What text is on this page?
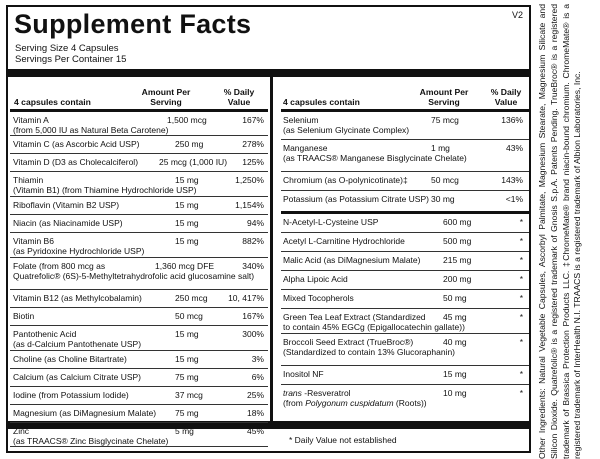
Supplement Facts	V2
Serving Size 4 Capsules
Servings Per Container 15
4 capsules contain
Amount Per
Serving
% Daily
Value
Vitamin A	1,500 mcg	167%
(from 5,000 IU as Natural Beta Carotene)
Vitamin C (as Ascorbic Acid USP)	250 mg	278%
Vitamin D (D3 as Cholecalciferol) 25 mcg (1,000 IU) 125%
Thiamin	15 mg	1,250%
(Vitamin B1) (from Thiamine Hydrochloride USP)
Riboflavin (Vitamin B2 USP)	15 mg	1,154%
Niacin (as Niacinamide USP)	15 mg	94%
Vitamin B6	15 mg	882%
(as Pyridoxine Hydrochloride USP)
Folate (from 800 mcg as	1,360 mcg DFE	340%
Quatrefolic® (6S)-5-Methyltetrahydrofolic acid glucosamine salt)
Vitamin B12 (as Methylcobalamin)	250 mcg 10, 417%
Biotin	50 mcg	167%
Pantothenic Acid	15 mg	300%
(as d-Calcium Pantothenate USP)
Choline (as Choline Bitartrate)	15 mg	3%
Calcium (as Calcium Citrate USP)	75 mg	6%
Iodine (from Potassium Iodide)	37 mcg	25%
Magnesium (as DiMagnesium Malate) 75 mg	18%
Zinc	5 mg	45%
(as TRAACS® Zinc Bisglycinate Chelate)
4 capsules contain
Amount Per
Serving
% Daily
Value
Selenium	75 mcg	136%
(as Selenium Glycinate Complex)
Manganese	1 mg	43%
(as TRAACS® Manganese Bisglycinate Chelate)
Chromium (as O-polynicotinate)‡	50 mcg	143%
Potassium (as Potassium Citrate USP) 30 mg	<1%
N-Acetyl-L-Cysteine USP	600 mg	*
Acetyl L-Carnitine Hydrochloride	500 mg	*
Malic Acid (as DiMagnesium Malate)	215 mg	*
Alpha Lipoic Acid	200 mg	*
Mixed Tocopherols	50 mg	*
Green Tea Leaf Extract (Standardized 45 mg	*
to contain 45% EGCg (Epigallocatechin gallate))
Broccoli Seed Extract (TrueBroc®)	40 mg	*
(Standardized to contain 13% Glucoraphanin)
Inositol NF	15 mg	*
trans -Resveratrol	10 mg	*
(from Polygonum cuspidatum (Roots))
* Daily Value not established	Other Ingredients: Natural Vegetable Capsules, Ascorbyl Palmitate, Magnesium Stearate, Magnesium Silicate and Silicon Dioxide. Quatrefolic® is a registered trademark of Gnosis S.p.A. Patents Pending. TrueBroc® is a registered trademark of Brassica Protection Products LLC. ‡ChromeMate® brand niacin-bound chromium. ChromeMate® is a registered trademark of InterHealth N.I. TRAACS is a registered trademark of Albion Laboratories, Inc.
